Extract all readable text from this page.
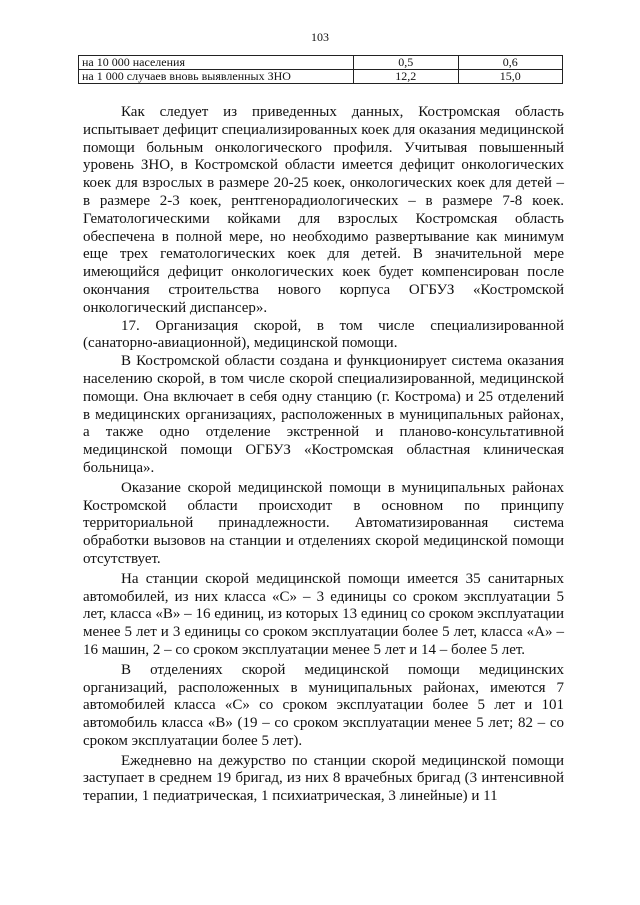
103
на 10 000 населения	0,5	0,6
на 1 000 случаев вновь выявленных ЗНО	12,2	15,0

Как следует из приведенных данных, Костромская область испытывает дефицит специализированных коек для оказания медицинской помощи больным онкологического профиля. Учитывая повышенный уровень ЗНО, в Костромской области имеется дефицит онкологических коек для взрослых в размере 20-25 коек, онкологических коек для детей – в размере 2-3 коек, рентгенорадиологических – в размере 7-8 коек. Гематологическими койками для взрослых Костромская область обеспечена в полной мере, но необходимо развертывание как минимум еще трех гематологических коек для детей. В значительной мере имеющийся дефицит онкологических коек будет компенсирован после окончания строительства нового корпуса ОГБУЗ «Костромской онкологический диспансер».

17. Организация скорой, в том числе специализированной (санаторно-авиационной), медицинской помощи.

В Костромской области создана и функционирует система оказания населению скорой, в том числе скорой специализированной, медицинской помощи. Она включает в себя одну станцию (г. Кострома) и 25 отделений в медицинских организациях, расположенных в муниципальных районах, а также одно отделение экстренной и планово-консультативной медицинской помощи ОГБУЗ «Костромская областная клиническая больница».

Оказание скорой медицинской помощи в муниципальных районах Костромской области происходит в основном по принципу территориальной принадлежности. Автоматизированная система обработки вызовов на станции и отделениях скорой медицинской помощи отсутствует.

На станции скорой медицинской помощи имеется 35 санитарных автомобилей, из них класса «С» – 3 единицы со сроком эксплуатации 5 лет, класса «В» – 16 единиц, из которых 13 единиц со сроком эксплуатации менее 5 лет и 3 единицы со сроком эксплуатации более 5 лет, класса «А» – 16 машин, 2 – со сроком эксплуатации менее 5 лет и 14 – более 5 лет.

В отделениях скорой медицинской помощи медицинских организаций, расположенных в муниципальных районах, имеются 7 автомобилей класса «С» со сроком эксплуатации более 5 лет и 101 автомобиль класса «В» (19 – со сроком эксплуатации менее 5 лет; 82 – со сроком эксплуатации более 5 лет).

Ежедневно на дежурство по станции скорой медицинской помощи заступает в среднем 19 бригад, из них 8 врачебных бригад (3 интенсивной терапии, 1 педиатрическая, 1 психиатрическая, 3 линейные) и 11
